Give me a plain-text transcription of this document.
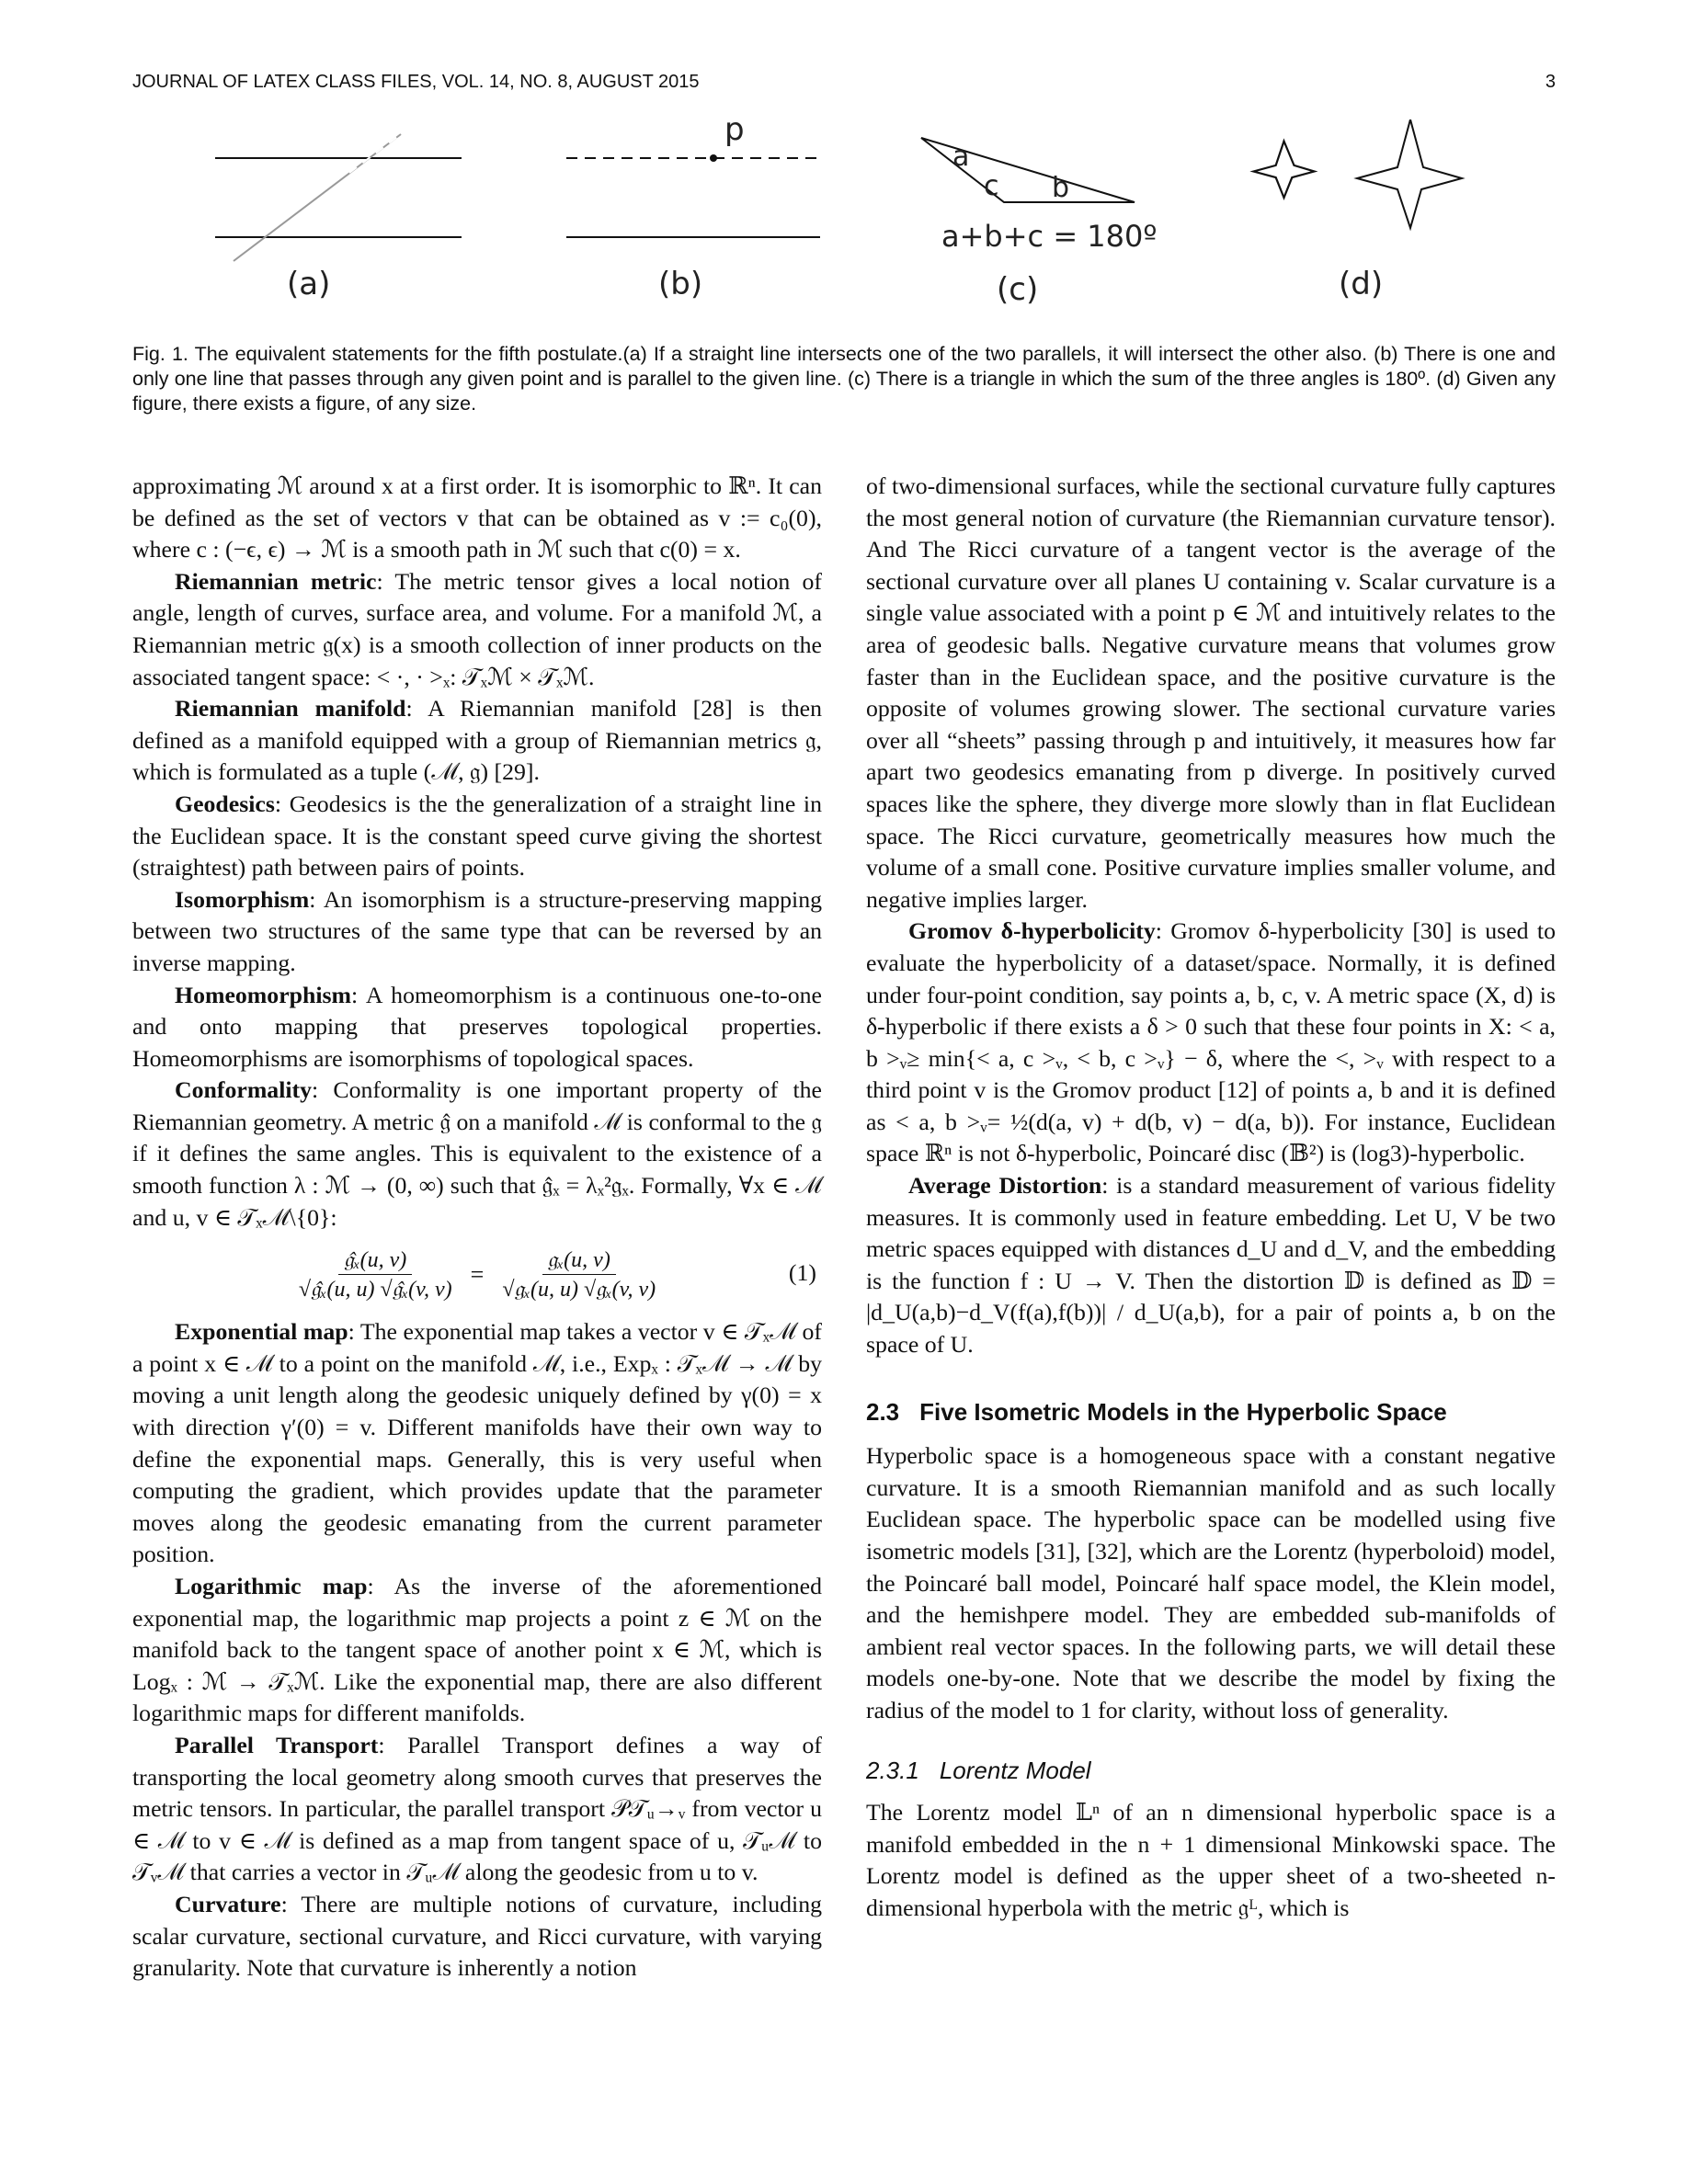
JOURNAL OF LATEX CLASS FILES, VOL. 14, NO. 8, AUGUST 2015	3
(a)
p
(b)
a
c b
a+b+c = 180º
(c)	(d)
Fig. 1. The equivalent statements for the fifth postulate.(a) If a straight line intersects one of the two parallels, it will intersect the other also. (b) There is one and only one line that passes through any given point and is parallel to the given line. (c) There is a triangle in which the sum of the three angles is 180º. (d) Given any figure, there exists a figure, of any size.

approximating ℳ around x at a first order. It is isomorphic to ℝⁿ. It can be defined as the set of vectors v that can be obtained as v := c₀(0), where c : (−ϵ, ϵ) → ℳ is a smooth path in ℳ such that c(0) = x.

Riemannian metric: The metric tensor gives a local notion of angle, length of curves, surface area, and volume. For a manifold ℳ, a Riemannian metric 𝔤(x) is a smooth collection of inner products on the associated tangent space: < ·, · >ₓ: 𝒯ₓℳ × 𝒯ₓℳ.

Riemannian manifold: A Riemannian manifold [28] is then defined as a manifold equipped with a group of Riemannian metrics 𝔤, which is formulated as a tuple (ℳ, 𝔤) [29].

Geodesics: Geodesics is the the generalization of a straight line in the Euclidean space. It is the constant speed curve giving the shortest (straightest) path between pairs of points.

Isomorphism: An isomorphism is a structure-preserving mapping between two structures of the same type that can be reversed by an inverse mapping.

Homeomorphism: A homeomorphism is a continuous one-to-one and onto mapping that preserves topological properties. Homeomorphisms are isomorphisms of topological spaces.

Conformality: Conformality is one important property of the Riemannian geometry. A metric 𝔤̂ on a manifold ℳ is conformal to the 𝔤 if it defines the same angles. This is equivalent to the existence of a smooth function λ : ℳ → (0, ∞) such that 𝔤̂ₓ = λₓ²𝔤ₓ. Formally, ∀x ∈ ℳ and u, v ∈ 𝒯ₓℳ\{0}:

$\frac{\text{𝔤̂ₓ(u, v)}}{\text{√𝔤̂ₓ(u, u) √𝔤̂ₓ(v, v)}} = \frac{\text{𝔤ₓ(u, v)}}{\text{√𝔤ₓ(u, u) √𝔤ₓ(v, v)}}$	(1)

Exponential map: The exponential map takes a vector v ∈ 𝒯ₓℳ of a point x ∈ ℳ to a point on the manifold ℳ, i.e., Expₓ : 𝒯ₓℳ → ℳ by moving a unit length along the geodesic uniquely defined by γ(0) = x with direction γ′(0) = v. Different manifolds have their own way to define the exponential maps. Generally, this is very useful when computing the gradient, which provides update that the parameter moves along the geodesic emanating from the current parameter position.

Logarithmic map: As the inverse of the aforementioned exponential map, the logarithmic map projects a point z ∈ ℳ on the manifold back to the tangent space of another point x ∈ ℳ, which is Logₓ : ℳ → 𝒯ₓℳ. Like the exponential map, there are also different logarithmic maps for different manifolds.

Parallel Transport: Parallel Transport defines a way of transporting the local geometry along smooth curves that preserves the metric tensors. In particular, the parallel transport 𝒫𝒯ᵤ→ᵥ from vector u ∈ ℳ to v ∈ ℳ is defined as a map from tangent space of u, 𝒯ᵤℳ to 𝒯ᵥℳ that carries a vector in 𝒯ᵤℳ along the geodesic from u to v.

Curvature: There are multiple notions of curvature, including scalar curvature, sectional curvature, and Ricci curvature, with varying granularity. Note that curvature is inherently a notion

of two-dimensional surfaces, while the sectional curvature fully captures the most general notion of curvature (the Riemannian curvature tensor). And The Ricci curvature of a tangent vector is the average of the sectional curvature over all planes U containing v. Scalar curvature is a single value associated with a point p ∈ ℳ and intuitively relates to the area of geodesic balls. Negative curvature means that volumes grow faster than in the Euclidean space, and the positive curvature is the opposite of volumes growing slower. The sectional curvature varies over all “sheets” passing through p and intuitively, it measures how far apart two geodesics emanating from p diverge. In positively curved spaces like the sphere, they diverge more slowly than in flat Euclidean space. The Ricci curvature, geometrically measures how much the volume of a small cone. Positive curvature implies smaller volume, and negative implies larger.

Gromov δ-hyperbolicity: Gromov δ-hyperbolicity [30] is used to evaluate the hyperbolicity of a dataset/space. Normally, it is defined under four-point condition, say points a, b, c, v. A metric space (X, d) is δ-hyperbolic if there exists a δ > 0 such that these four points in X: < a, b >ᵥ≥ min{< a, c >ᵥ, < b, c >ᵥ} − δ, where the <, >ᵥ with respect to a third point v is the Gromov product [12] of points a, b and it is defined as < a, b >ᵥ= ½(d(a, v) + d(b, v) − d(a, b)). For instance, Euclidean space ℝⁿ is not δ-hyperbolic, Poincaré disc (𝔹²) is (log3)-hyperbolic.

Average Distortion: is a standard measurement of various fidelity measures. It is commonly used in feature embedding. Let U, V be two metric spaces equipped with distances d_U and d_V, and the embedding is the function f : U → V. Then the distortion 𝔻 is defined as 𝔻 = |d_U(a,b)−d_V(f(a),f(b))| / d_U(a,b), for a pair of points a, b on the space of U.

2.3 Five Isometric Models in the Hyperbolic Space

Hyperbolic space is a homogeneous space with a constant negative curvature. It is a smooth Riemannian manifold and as such locally Euclidean space. The hyperbolic space can be modelled using five isometric models [31], [32], which are the Lorentz (hyperboloid) model, the Poincaré ball model, Poincaré half space model, the Klein model, and the hemishpere model. They are embedded sub-manifolds of ambient real vector spaces. In the following parts, we will detail these models one-by-one. Note that we describe the model by fixing the radius of the model to 1 for clarity, without loss of generality.

2.3.1 Lorentz Model

The Lorentz model 𝕃ⁿ of an n dimensional hyperbolic space is a manifold embedded in the n + 1 dimensional Minkowski space. The Lorentz model is defined as the upper sheet of a two-sheeted n-dimensional hyperbola with the metric 𝔤ᴸ, which is
